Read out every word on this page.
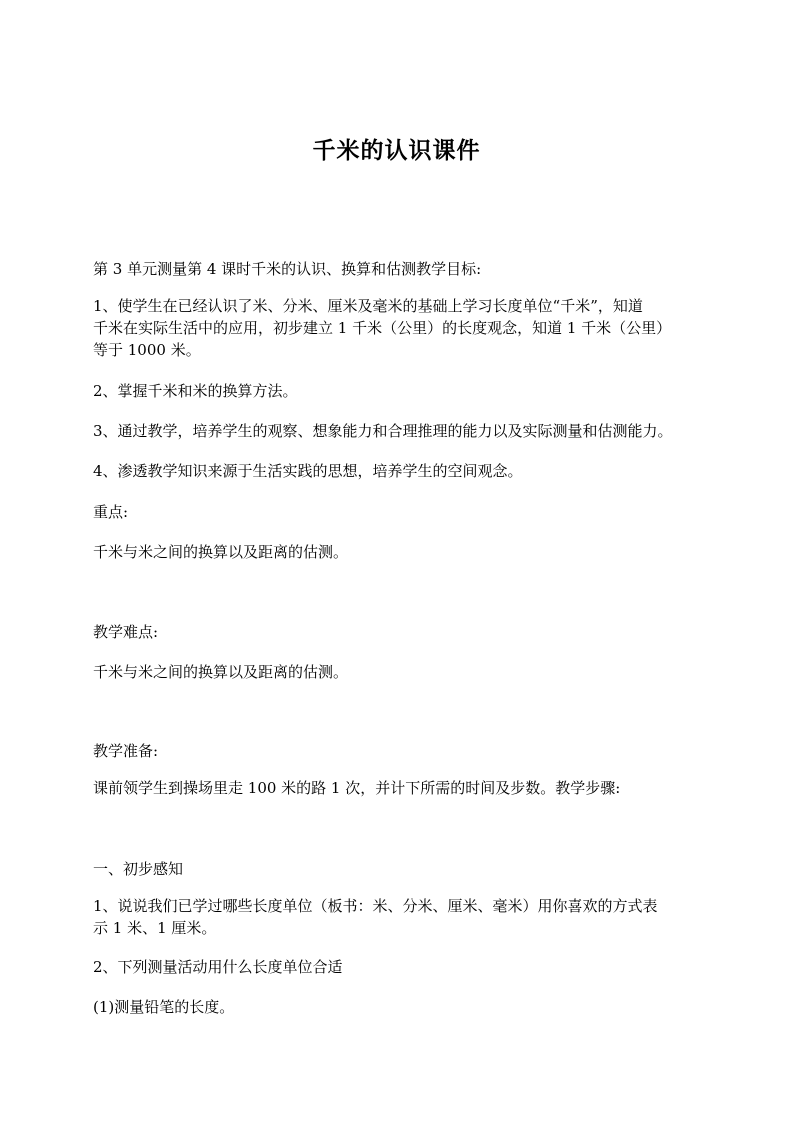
千米的认识课件
第 3 单元测量第 4 课时千米的认识、换算和估测教学目标:
1、使学生在已经认识了米、分米、厘米及毫米的基础上学习长度单位“千米”，知道
千米在实际生活中的应用，初步建立 1 千米（公里）的长度观念，知道 1 千米（公里）
等于 1000 米。
2、掌握千米和米的换算方法。
3、通过教学，培养学生的观察、想象能力和合理推理的能力以及实际测量和估测能力。
4、渗透教学知识来源于生活实践的思想，培养学生的空间观念。
重点:
千米与米之间的换算以及距离的估测。
教学难点:
千米与米之间的换算以及距离的估测。
教学准备:
课前领学生到操场里走 100 米的路 1 次，并计下所需的时间及步数。教学步骤:
一、初步感知
1、说说我们已学过哪些长度单位（板书：米、分米、厘米、毫米）用你喜欢的方式表
示 1 米、1 厘米。
2、下列测量活动用什么长度单位合适
(1)测量铅笔的长度。
